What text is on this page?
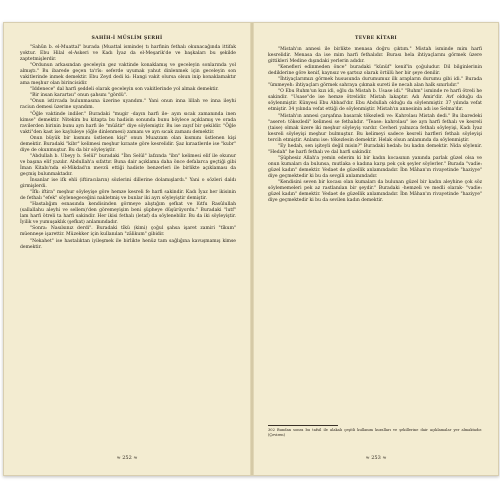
SAHÎH-İ MÜSLİM ŞERHİ

"Sahûn b. el-Muattal" burada (Muattal isminde) tı harfinin fethalı okunacağında ittifak yoktur. Ebu Hilal el-Askeri ve Kadı İyaz da el-Meşarik'de ve başkaları bu şekilde zaptetmişlerdir.

"Ordunun arkasından geceleyin gez vaktinde konaklamış ve geceleyin sonlarında yol almıştı." Bu ibarede geçen ta'rîs: seferde uyumak yahut dinlenmek için geceleyin son vakitlerinde inmek demektir. Ebu Zeyd dedi ki: Hangi vakit olursa olsun inip konaklamaktır ama meşhur olan birincisidir.

"Iddenece" dal harfi şeddeli olarak geceleyin son vakitlerinde yol almak demektir.

"Bir insan karartısı" onun şahsını "gördü".

"Onun istircada bulunmasına üzerine uyandım." Yani onun inna lillah ve inna ileyhi raciun demesi üzerine uyandım.

"Öğle vaktinde indiler." Buradaki "mugir -dayın harfi ile- ayın sıcak zamanında inen kimse" demektir. Nitekim bu kitapta bu hadisin sonunda bunu böylece açıklamış ve orada ravilerden birinin bunu ayn harfi ile "müâtir" diye söylemiştir. Bu ise zayıf bir şekildir. "Öğle vakti"den kast ise kayluleye (öğle dinlenmesi) zamanı ve ayn sıcak zamanı demektir.

Onun büyük bir kısmını üstlenen kişi" onun Muazzam olan kısmını üstlenen kişi demektir. Buradaki "kibr" kelimesi meşhur kıraate göre kesrelidir. Şaz kıraatlerde ise "kubr" diye de okunmuştur. Bu da bir söyleyiştir.

"Abdullah b. Ubeyy b. Selül" buradaki "İbn Selül" lafzında "ibn" kelimesi elif ile okunur ve başına elif yazılır. Abdullah'a sıfattır. Buna dair açıklama daha önce defalarca geçtiği gibi İman Kitabı'nda el-Mikdad'ın mevzû ettiği hadiste benzerleri ile birlikte açıklaması da geçmiş bulunmaktadır.

İnsanlar ise ifk ehli (iftiracıların) sözlerini dillerine dolamışlardı." Yani o sözleri daldı girmişlerdi.

"İfk: iftira" meşhur söyleyişe göre hemze kesreli fe harfi sakindir. Kadı İyaz her ikisinin de fethalı "efek" söylenegeceğini nakletmiş ve bunlar iki ayrı söyleyiştir demiştir.

"Hastalığım esnasında kendisinden görmeye alıştığım şefkat ve lütfu Rasûlullah (sallallahu aleyhi ve sellem)'den göremeyişim beni şüpheye düşürüyordu." Buradaki "lutf" lam harfi ötreli ta harfi sakindir. Her ikisi fethalı (letaf) da söylenebilir. Bu da iki söyleyiştir. İyilik ve yumuşaklık (şefkat) anlamındadır.

"Sonra: Nasılsınız derdi". Buradaki tîkü (kimi) çoğul şahsa işaret zamiri "tîkum" müenneşe işarettir. Müzekker için kullanılan "zâlikum" gibidir.

"Nekahet" ise hastalıktan iyileşmek ile birlikte henüz tam sağlığına kavuşmamış kimse demektir.

≈ 252 ≈
TEVBE KİTABI

"Mistah'ın annesi ile birlikte menasa doğru çıktım." Mistah isminde mim harfi kesrelidir. Menasa da ise mim harfi fethalıdır. Burası hela ihtiyaçlarını görmek üzere gittikleri Medine dışındaki yerlerin adıdır.

"Kenefleri edinmeden önce" buradaki "künüf" kenif'in çoğuludur. Dil bilginlerinin dediklerine göre kenif, kaynsız ve şartsız olarak örtülü her bir şeye denilir.

"İhtiyaçlarımızı görmek hususunda durumumuz ilk arapların durumu gibi idi." Burada "ümmeyeh: ihtiyaçları görmek sahraya çıkmak sureti ile necah alan halk sınırlıdır."

"O Ebu Ruhm'un kızı idi, oğlu da Mistah b. Usase idi." "Ruhm" isminde re harfi ötreli he sakindir. "Usase"de ise hemze ötrelidir. Mistah lakaptır. Adı Âmir'dir. Avf olduğu da söylenmiştir. Künyesi Ebu Abbad'dır. Ebu Abdullah olduğu da söylenmiştir. 37 yılında vefat etmiştir. 34 yılında vefat ettiği de söylenmiştir. Mistah'ın annesinin adı ise Selma'dır.

"Mistah'ın annesi çarşafına basarak tökezledi ve: Kahrolası Mistah dedi." Bu ibaredeki "aseret: tökezledi" kelimesi se fethalıdır. "Tease: kahrolası" ise ayn harfi fethalı ve kesreli (taise) olmak üzere iki meşhur söyleyiş vardır. Cevheri yalnızca fethalı söyleyişi, Kadı İyaz kesreli söyleyişi meşhur bulmuştur. Bu kelimeyi sadece kesreli harfleri fethalı söyleyişi tercih etmiştir. Anlamı ise: tökezlesin demektir. Helak olsun anlamında da söylenmiştir.

"Ey hedah, sen işiteyli değil misin?" Buradaki hedah: bu kadın demektir. Nida söylenir. "Hedah" he harfi fethalı ve dal harfi sakindir.

"Şüphesiz Allah'a yemin ederim ki bir kadın kocasının yanında parlak güzel olsa ve onun kumaları da bulunsa, mutlaka o kadına karşı pek çok şeyler söylerler." Burada "vadie: güzel kadın" demektir. Vedaet de güzellik anlamındadır. İbn Mâhan'ın rivayetinde "haziyye" diye geçmektedir ki bu da sevgili anlamındadır.

"Kendisini seven bir kocası olan kumaları da bulunan güzel bir kadın aleyhine çok söz söylememeleri pek az rastlanılan bir şeydir." Buradaki -hemzeli ve medli olarak- "vadie: güzel kadın" demektir. Vedaet de güzellik anlamındadır. İbn Mâhan'ın rivayetinde "haziyye" diye geçmektedir ki bu da sevilen kadın demektir.

302 Bundan sonra bu tafsil ile alakalı çeşitli kullanım kuralları ve şekillerine dair açıklamalar yer almaktadır. (Çeviren)

≈ 253 ≈
